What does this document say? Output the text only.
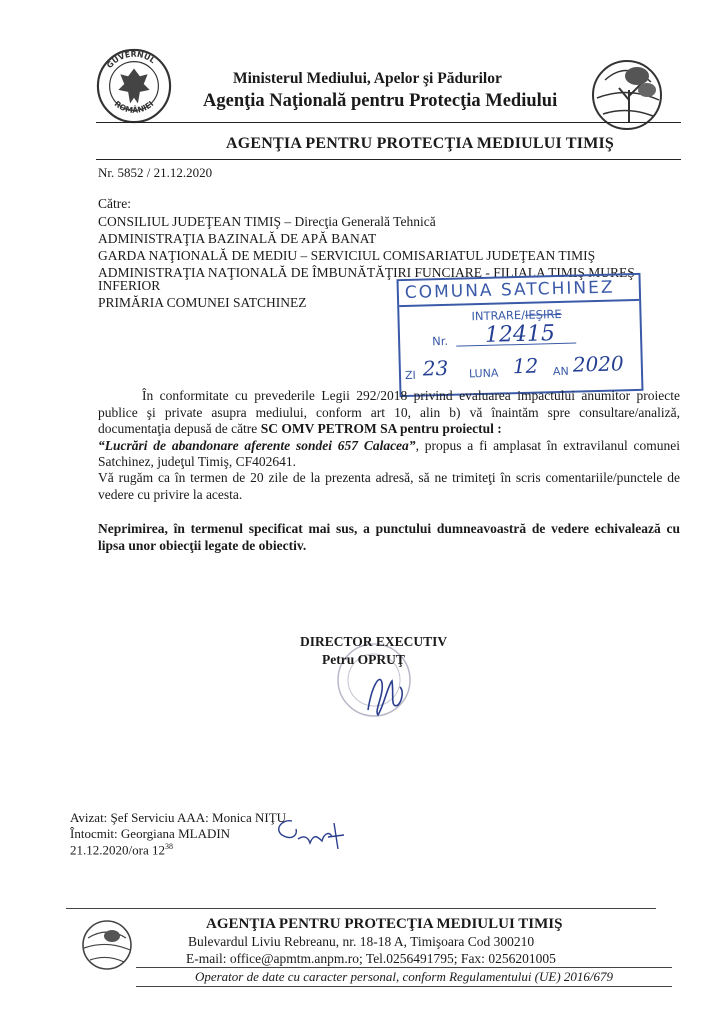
GUVERNUL
ROMÂNIEI
Ministerul Mediului, Apelor şi Pădurilor
Agenţia Naţională pentru Protecţia Mediului
AGENŢIA PENTRU PROTECŢIA MEDIULUI TIMIŞ
Nr. 5852 / 21.12.2020
Către:
CONSILIUL JUDEŢEAN TIMIŞ – Direcţia Generală Tehnică
ADMINISTRAŢIA BAZINALĂ DE APĂ BANAT
GARDA NAŢIONALĂ DE MEDIU – SERVICIUL COMISARIATUL JUDEŢEAN TIMIŞ
ADMINISTRAŢIA NAŢIONALĂ DE ÎMBUNĂTĂŢIRI FUNCIARE - FILIALA TIMIŞ MUREŞ
INFERIOR
PRIMĂRIA COMUNEI SATCHINEZ	COMUNA SATCHINEZ
INTRARE/IEŞIRE
Nr. 12415
ZI 23 LUNA 12 AN 2020
În conformitate cu prevederile Legii 292/2018 privind evaluarea impactului anumitor proiecte publice şi private asupra mediului, conform art 10, alin b) vă înaintăm spre consultare/analiză, documentaţia depusă de către SC OMV PETROM SA pentru proiectul :
“Lucrări de abandonare aferente sondei 657 Calacea”, propus a fi amplasat în extravilanul comunei Satchinez, judeţul Timiş, CF402641.
Vă rugăm ca în termen de 20 zile de la prezenta adresă, să ne trimiteţi în scris comentariile/punctele de vedere cu privire la acesta.
Neprimirea, în termenul specificat mai sus, a punctului dumneavoastră de vedere echivalează cu lipsa unor obiecţii legate de obiectiv.
DIRECTOR EXECUTIV
Petru OPRUŢ
Avizat: Şef Serviciu AAA: Monica NIŢU
Întocmit: Georgiana MLADIN
21.12.2020/ora $12^{38}$
AGENŢIA PENTRU PROTECŢIA MEDIULUI TIMIŞ
Bulevardul Liviu Rebreanu, nr. 18-18 A, Timişoara Cod 300210
E-mail: office@apmtm.anpm.ro; Tel.0256491795; Fax: 0256201005
Operator de date cu caracter personal, conform Regulamentului (UE) 2016/679
